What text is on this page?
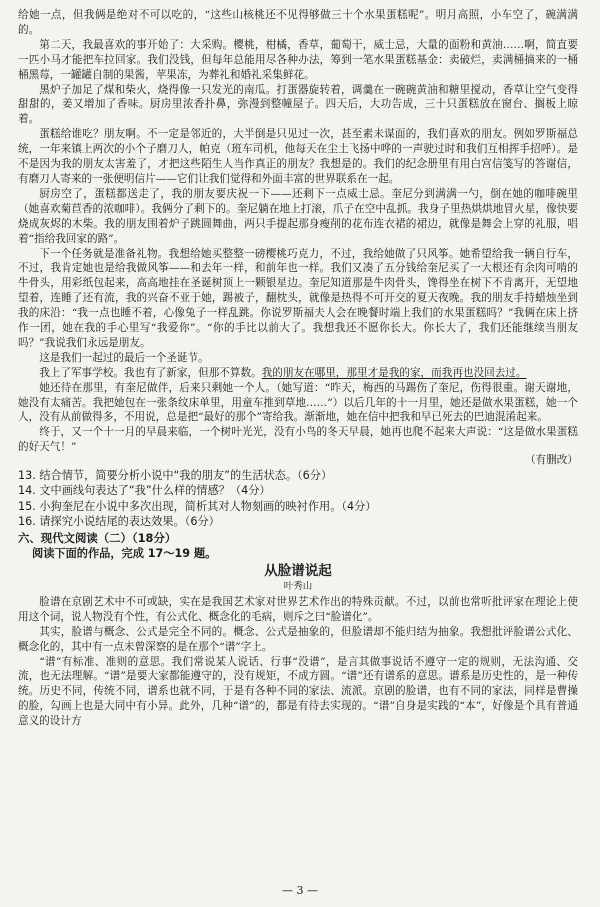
给她一点，但我俩是绝对不可以吃的，“这些山核桃还不见得够做三十个水果蛋糕呢”。明月高照，小车空了，碗满满的。

第二天，我最喜欢的事开始了：大采购。樱桃，柑橘，香草，葡萄干，威士忌，大量的面粉和黄油……啊，简直要一匹小马才能把车拉回家。我们没钱，但每年总能用尽各种办法，筹到一笔水果蛋糕基金：卖破烂，卖满桶摘来的一桶桶黑莓，一罐罐自制的果酱，苹果冻，为葬礼和婚礼采集鲜花。

黑炉子加足了煤和柴火，烧得像一只发光的南瓜。打蛋器旋转着，调羹在一碗碗黄油和糖里搅动，香草让空气变得甜甜的，姜又增加了香味。厨房里浓香扑鼻，弥漫到整幢屋子。四天后，大功告成，三十只蛋糕放在窗台、搁板上晾着。

蛋糕给谁吃？朋友啊。不一定是邻近的，大半倒是只见过一次，甚至素未谋面的，我们喜欢的朋友。例如罗斯福总统，一年来镇上两次的小个子磨刀人，帕克（班车司机，他每天在尘土飞扬中哗的一声驶过时和我们互相挥手招呼）。是不是因为我的朋友太害羞了，才把这些陌生人当作真正的朋友？我想是的。我们的纪念册里有用白宫信笺写的答谢信，有磨刀人寄来的一张便明信片——它们让我们觉得和外面丰富的世界联系在一起。

厨房空了，蛋糕都送走了，我的朋友要庆祝一下——还剩下一点威士忌。奎尼分到满满一勺，倒在她的咖啡碗里（她喜欢菊苣香的浓咖啡）。我俩分了剩下的。奎尼躺在地上打滚，爪子在空中乱抓。我身子里热烘烘地冒火星，像快要烧成灰烬的木柴。我的朋友围着炉子跳圆舞曲，两只手提起那身瘦削的花布连衣裙的裙边，就像是舞会上穿的礼服，唱着“指给我回家的路”。

下一个任务就是准备礼物。我想给她买整整一磅樱桃巧克力，不过，我给她做了只风筝。她希望给我一辆自行车，不过，我肯定她也是给我做风筝——和去年一样，和前年也一样。我们又凑了五分钱给奎尼买了一大根还有余肉可啃的牛骨头，用彩纸包起来，高高地挂在圣诞树顶上一颗银星边。奎尼知道那是牛肉骨头，馋得坐在树下不肯离开，无望地望着，连睡了还有流，我的兴奋不亚于她，踢被子，翻枕头，就像是热得不可开交的夏天夜晚。我的朋友手持蜡烛坐到我的床沿：“我一点也睡不着，心像兔子一样乱跳。你说罗斯福夫人会在晚餐时端上我们的水果蛋糕吗？”我俩在床上挤作一团，她在我的手心里写“我爱你”。“你的手比以前大了。我想我还不愿你长大。你长大了，我们还能继续当朋友吗？”我说我们永远是朋友。

这是我们一起过的最后一个圣诞节。

我上了军事学校。我也有了新家，但那不算数。我的朋友在哪里，那里才是我的家，而我再也没回去过。

她还待在那里，有奎尼做伴，后来只剩她一个人。（她写道：“昨天，梅西的马踢伤了奎尼，伤得很重。谢天谢地，她没有太痛苦。我把她包在一张条纹床单里，用童车推到草地……”）以后几年的十一月里，她还是做水果蛋糕，她一个人，没有从前做得多，不用说，总是把“最好的那个”寄给我。渐渐地，她在信中把我和早已死去的巴迪混淆起来。

终于，又一个十一月的早晨来临，一个树叶光光，没有小鸟的冬天早晨，她再也爬不起来大声说：“这是做水果蛋糕的好天气！”

（有删改）

13. 结合情节，简要分析小说中“我的朋友”的生活状态。（6分）

14. 文中画线句表达了“我”什么样的情感？（4分）

15. 小狗奎尼在小说中多次出现，简析其对人物刻画的映衬作用。（4分）

16. 请探究小说结尾的表达效果。（6分）

六、现代文阅读（二）（18分）
阅读下面的作品，完成 17～19 题。
从脸谱说起
叶秀山

脸谱在京剧艺术中不可或缺，实在是我国艺术家对世界艺术作出的特殊贡献。不过，以前也常听批评家在理论上使用这个词，说人物没有个性，有公式化、概念化的毛病，则斥之曰“脸谱化”。

其实，脸谱与概念、公式是完全不同的。概念、公式是抽象的，但脸谱却不能归结为抽象。我想批评脸谱公式化、概念化的，其中有一点未曾深察的是在那个“谱”字上。

“谱”有标准、准则的意思。我们常说某人说话、行事“没谱”，是言其做事说话不遵守一定的规则，无法沟通、交流，也无法理解。“谱”是要大家都能遵守的，没有规矩，不成方圆。“谱”还有谱系的意思。谱系是历史性的，是一种传统。历史不同，传统不同，谱系也就不同，于是有各种不同的家法、流派。京剧的脸谱，也有不同的家法，同样是曹操的脸，勾画上也是大同中有小异。此外，几种“谱”的，都是有待去实现的。“谱”自身是实践的“本”，好像是个具有普通意义的设计方

— 3 —
